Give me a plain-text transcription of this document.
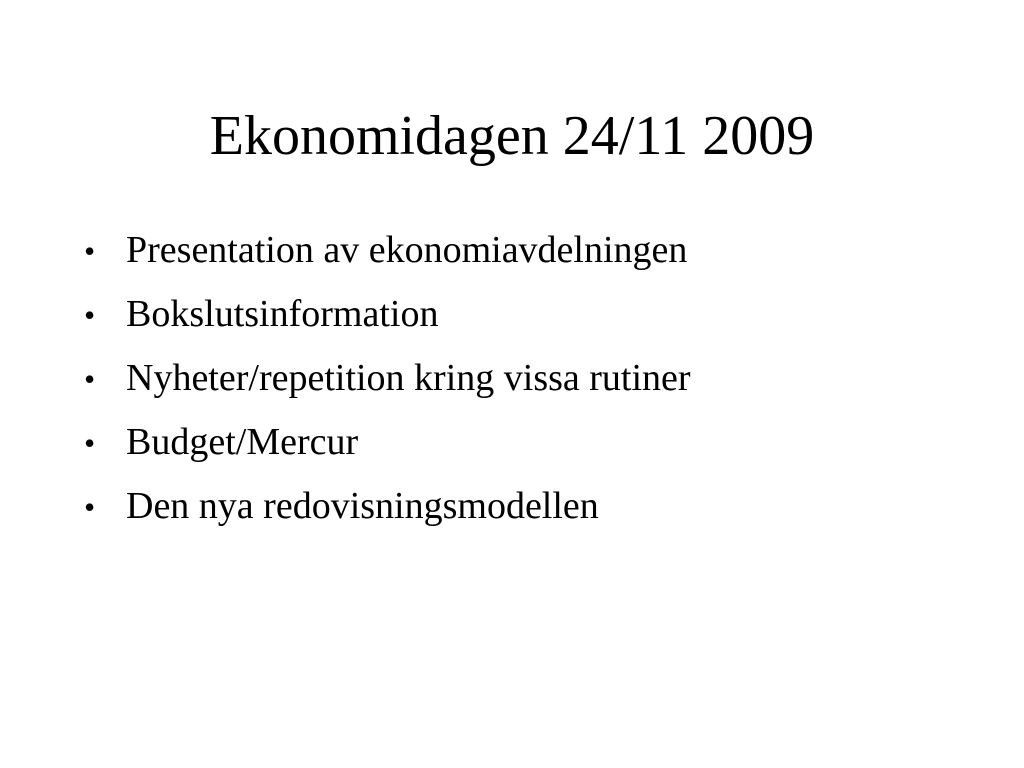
Ekonomidagen 24/11 2009
• Presentation av ekonomiavdelningen
• Bokslutsinformation
• Nyheter/repetition kring vissa rutiner
• Budget/Mercur
• Den nya redovisningsmodellen
